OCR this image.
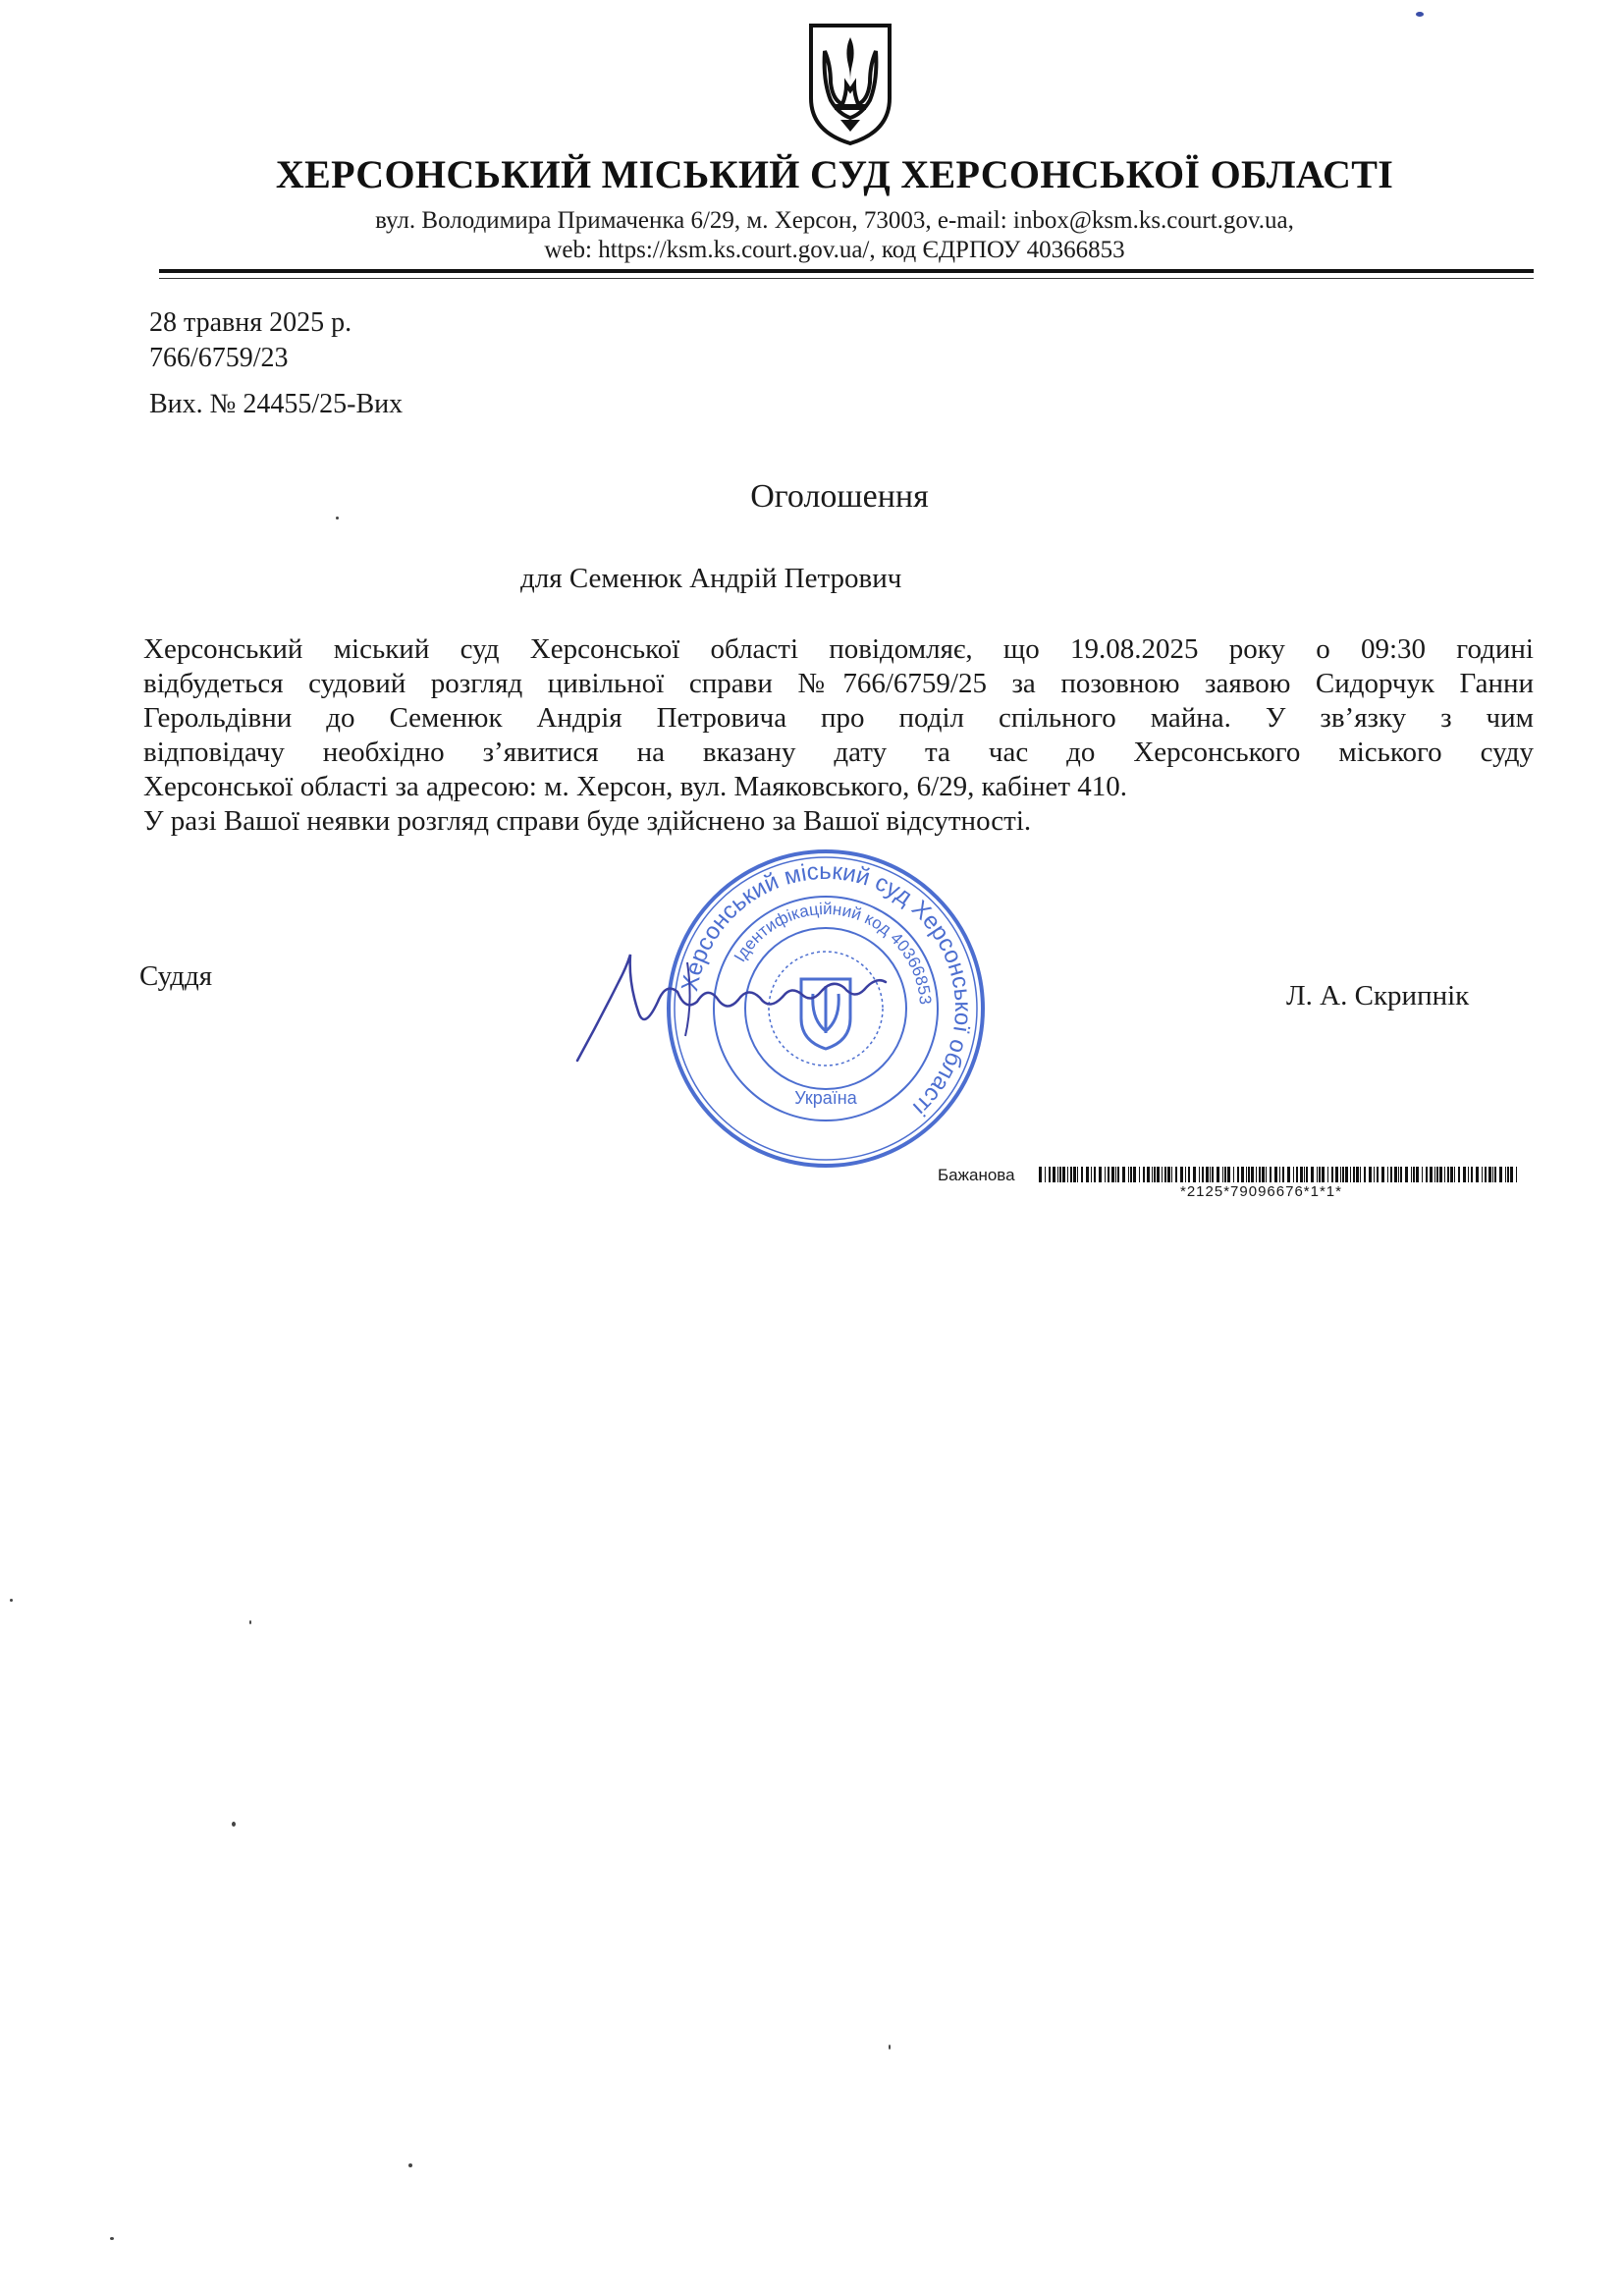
ХЕРСОНСЬКИЙ МІСЬКИЙ СУД ХЕРСОНСЬКОЇ ОБЛАСТІ
вул. Володимира Примаченка 6/29, м. Херсон, 73003, e-mail: inbox@ksm.ks.court.gov.ua,
web: https://ksm.ks.court.gov.ua/, код ЄДРПОУ 40366853
28 травня 2025 р.
766/6759/23
Вих. № 24455/25-Вих
Оголошення
для Семенюк Андрій Петрович
Херсонський міський суд Херсонської області повідомляє, що 19.08.2025 року о 09:30 годині
відбудеться судовий розгляд цивільної справи №766/6759/25 за позовною заявою Сидорчук Ганни
Герольдівни до Семенюк Андрія Петровича про поділ спільного майна. У зв’язку з чим
відповідачу необхідно з’явитися на вказану дату та час до Херсонського міського суду
Херсонської області за адресою: м. Херсон, вул. Маяковського, 6/29, кабінет 410.
У разі Вашої неявки розгляд справи буде здійснено за Вашої відсутності.
Суддя
Л. А. Скрипнік
Херсонський міський суд Херсонської області
Ідентифікаційний код 40366853
Україна
Бажанова
*2125*79096676*1*1*
